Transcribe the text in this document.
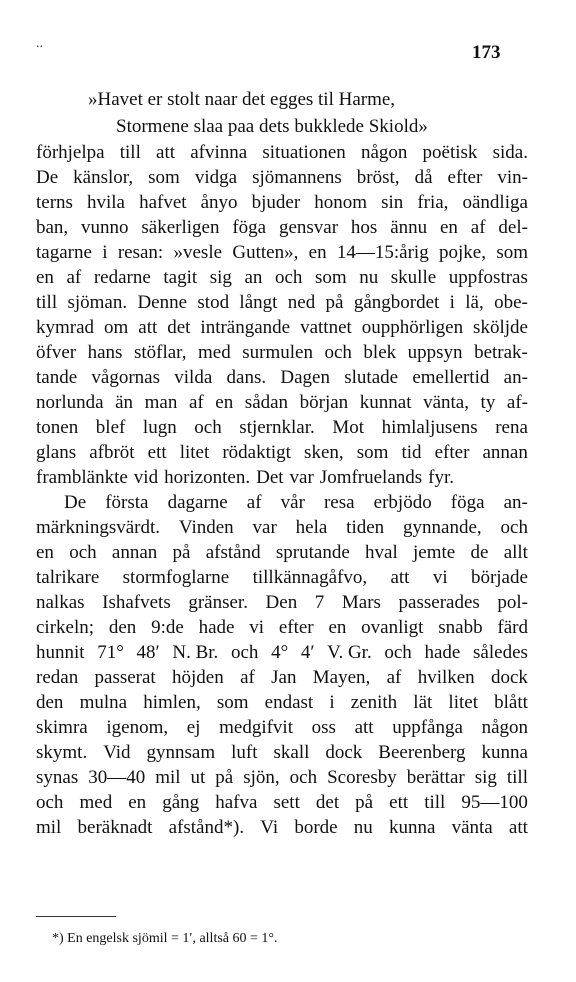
..	173
»Havet er stolt naar det egges til Harme,
Stormene slaa paa dets bukklede Skiold»
förhjelpa till att afvinna situationen någon poëtisk sida.
De känslor, som vidga sjömannens bröst, då efter vin-
terns hvila hafvet ånyo bjuder honom sin fria, oändliga
ban, vunno säkerligen föga gensvar hos ännu en af del-
tagarne i resan: »vesle Gutten», en 14—15:årig pojke, som
en af redarne tagit sig an och som nu skulle uppfostras
till sjöman. Denne stod långt ned på gångbordet i lä, obe-
kymrad om att det inträngande vattnet oupphörligen sköljde
öfver hans stöflar, med surmulen och blek uppsyn betrak-
tande vågornas vilda dans. Dagen slutade emellertid an-
norlunda än man af en sådan början kunnat vänta, ty af-
tonen blef lugn och stjernklar. Mot himlaljusens rena
glans afbröt ett litet rödaktigt sken, som tid efter annan
framblänkte vid horizonten. Det var Jomfruelands fyr.
De första dagarne af vår resa erbjödo föga an-
märkningsvärdt. Vinden var hela tiden gynnande, och
en och annan på afstånd sprutande hval jemte de allt
talrikare stormfoglarne tillkännagåfvo, att vi började
nalkas Ishafvets gränser. Den 7 Mars passerades pol-
cirkeln; den 9:de hade vi efter en ovanligt snabb färd
hunnit 71° 48′ N. Br. och 4° 4′ V. Gr. och hade således
redan passerat höjden af Jan Mayen, af hvilken dock
den mulna himlen, som endast i zenith lät litet blått
skimra igenom, ej medgifvit oss att uppfånga någon
skymt. Vid gynnsam luft skall dock Beerenberg kunna
synas 30—40 mil ut på sjön, och Scoresby berättar sig till
och med en gång hafva sett det på ett till 95—100
mil beräknadt afstånd*). Vi borde nu kunna vänta att
*) En engelsk sjömil = 1′, alltså 60 = 1°.
